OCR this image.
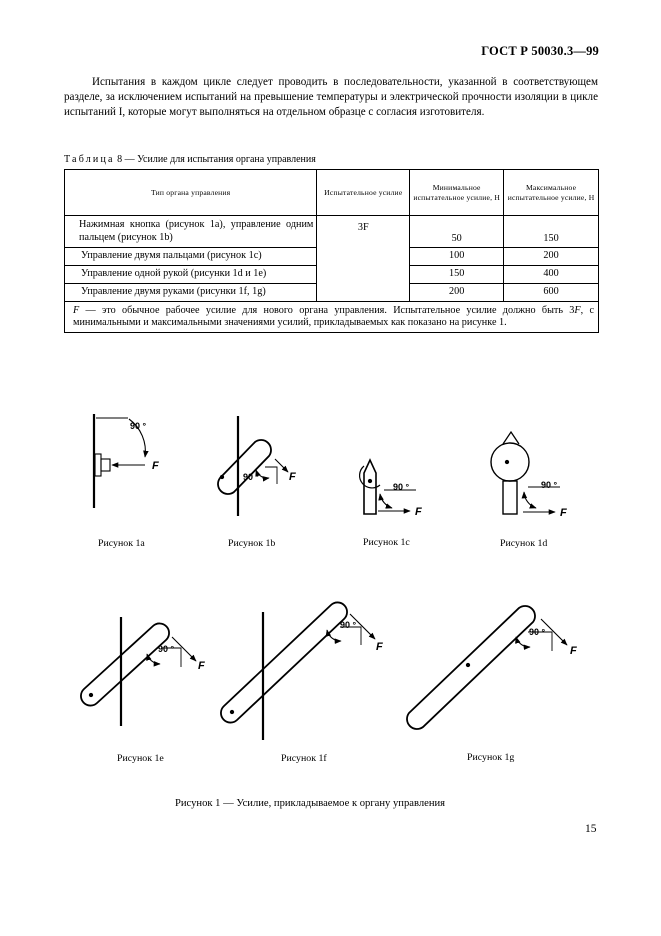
ГОСТ Р 50030.3—99

Испытания в каждом цикле следует проводить в последовательности, указанной в соответствующем разделе, за исключением испытаний на превышение температуры и электрической прочности изоляции в цикле испытаний I, которые могут выполняться на отдельном образце с согласия изготовителя.

Таблица 8 — Усилие для испытания органа управления
Тип органа управления	Испытательное усилие	Минимальное испытательное усилие, Н	Максимальное испытательное усилие, Н
Нажимная кнопка (рисунок 1а), управление одним пальцем (рисунок 1b)	3F	50	150
Управление двумя пальцами (рисунок 1с)		100	200
Управление одной рукой (рисунки 1d и 1e)		150	400
Управление двумя руками (рисунки 1f, 1g)		200	600
F — это обычное рабочее усилие для нового органа управления. Испытательное усилие должно быть 3F, с минимальными и максимальными значениями усилий, прикладываемых как показано на рисунке 1.			
90 °
F
90 °	F
90 °
F
90 °
F
90 °
F
90 °
F
90 °
F
Рисунок 1а	Рисунок 1b	Рисунок 1с	Рисунок 1d
Рисунок 1e	Рисунок 1f	Рисунок 1g
Рисунок 1 — Усилие, прикладываемое к органу управления
15
